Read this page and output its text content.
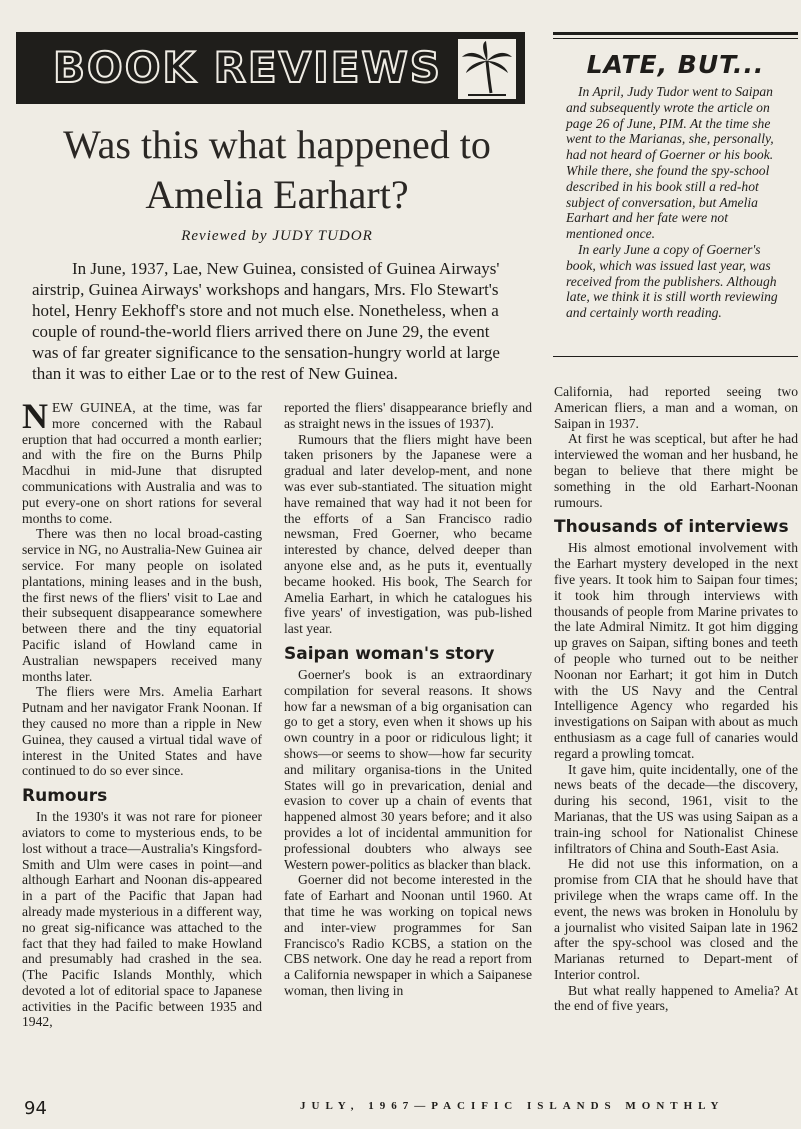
BOOK REVIEWS
Was this what happened to Amelia Earhart?
Reviewed by JUDY TUDOR

In June, 1937, Lae, New Guinea, consisted of Guinea Airways' airstrip, Guinea Airways' workshops and hangars, Mrs. Flo Stewart's hotel, Henry Eekhoff's store and not much else. Nonetheless, when a couple of round-the-world fliers arrived there on June 29, the event was of far greater significance to the sensation-hungry world at large than it was to either Lae or to the rest of New Guinea.

LATE, BUT...

In April, Judy Tudor went to Saipan and subsequently wrote the article on page 26 of June, PIM. At the time she went to the Marianas, she, personally, had not heard of Goerner or his book. While there, she found the spy-school described in his book still a red-hot subject of conversation, but Amelia Earhart and her fate were not mentioned once.

In early June a copy of Goerner's book, which was issued last year, was received from the publishers. Although late, we think it is still worth reviewing and certainly worth reading.

NEW GUINEA, at the time, was far more concerned with the Rabaul eruption that had occurred a month earlier; and with the fire on the Burns Philp Macdhui in mid-June that disrupted communications with Australia and was to put every-one on short rations for several months to come.

There was then no local broad-casting service in NG, no Australia-New Guinea air service. For many people on isolated plantations, mining leases and in the bush, the first news of the fliers' visit to Lae and their subsequent disappearance somewhere between there and the tiny equatorial Pacific island of Howland came in Australian newspapers received many months later.

The fliers were Mrs. Amelia Earhart Putnam and her navigator Frank Noonan. If they caused no more than a ripple in New Guinea, they caused a virtual tidal wave of interest in the United States and have continued to do so ever since.

Rumours

In the 1930's it was not rare for pioneer aviators to come to mysterious ends, to be lost without a trace—Australia's Kingsford-Smith and Ulm were cases in point—and although Earhart and Noonan dis-appeared in a part of the Pacific that Japan had already made mysterious in a different way, no great sig-nificance was attached to the fact that they had failed to make Howland and presumably had crashed in the sea. (The Pacific Islands Monthly, which devoted a lot of editorial space to Japanese activities in the Pacific between 1935 and 1942,

reported the fliers' disappearance briefly and as straight news in the issues of 1937).

Rumours that the fliers might have been taken prisoners by the Japanese were a gradual and later develop-ment, and none was ever sub-stantiated. The situation might have remained that way had it not been for the efforts of a San Francisco radio newsman, Fred Goerner, who became interested by chance, delved deeper than anyone else and, as he puts it, eventually became hooked. His book, The Search for Amelia Earhart, in which he catalogues his five years' of investigation, was pub-lished last year.

Saipan woman's story

Goerner's book is an extraordinary compilation for several reasons. It shows how far a newsman of a big organisation can go to get a story, even when it shows up his own country in a poor or ridiculous light; it shows—or seems to show—how far security and military organisa-tions in the United States will go in prevarication, denial and evasion to cover up a chain of events that happened almost 30 years before; and it also provides a lot of incidental ammunition for professional doubters who always see Western power-politics as blacker than black.

Goerner did not become interested in the fate of Earhart and Noonan until 1960. At that time he was working on topical news and inter-view programmes for San Francisco's Radio KCBS, a station on the CBS network. One day he read a report from a California newspaper in which a Saipanese woman, then living in

California, had reported seeing two American fliers, a man and a woman, on Saipan in 1937.

At first he was sceptical, but after he had interviewed the woman and her husband, he began to believe that there might be something in the old Earhart-Noonan rumours.

Thousands of interviews

His almost emotional involvement with the Earhart mystery developed in the next five years. It took him to Saipan four times; it took him through interviews with thousands of people from Marine privates to the late Admiral Nimitz. It got him digging up graves on Saipan, sifting bones and teeth of people who turned out to be neither Noonan nor Earhart; it got him in Dutch with the US Navy and the Central Intelligence Agency who regarded his investigations on Saipan with about as much enthusiasm as a cage full of canaries would regard a prowling tomcat.

It gave him, quite incidentally, one of the news beats of the decade—the discovery, during his second, 1961, visit to the Marianas, that the US was using Saipan as a train-ing school for Nationalist Chinese infiltrators of China and South-East Asia.

He did not use this information, on a promise from CIA that he should have that privilege when the wraps came off. In the event, the news was broken in Honolulu by a journalist who visited Saipan late in 1962 after the spy-school was closed and the Marianas returned to Depart-ment of Interior control.

But what really happened to Amelia? At the end of five years,

94	JULY, 1967—PACIFIC ISLANDS MONTHLY
